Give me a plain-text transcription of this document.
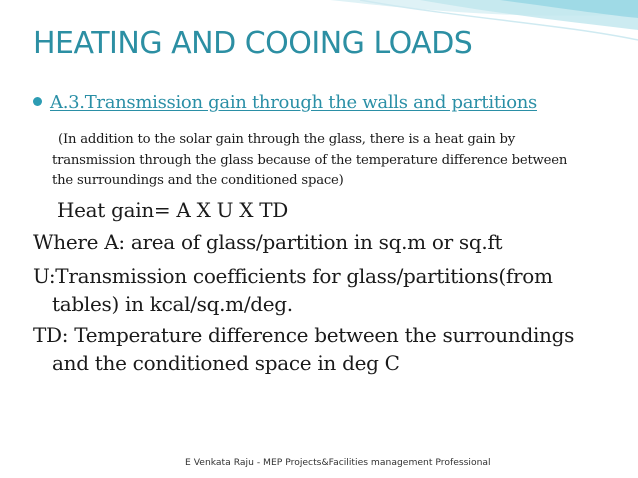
HEATING AND COOING LOADS
A.3.Transmission gain through the walls and partitions

(In addition to the solar gain through the glass, there is a heat gain by
transmission through the glass because of the temperature difference between
the surroundings and the conditioned space)

Heat gain= A X U X TD

Where A: area of glass/partition in sq.m or sq.ft

U:Transmission coefficients for glass/partitions(from

tables) in kcal/sq.m/deg.

TD: Temperature difference between the surroundings

and the conditioned space in deg C

E Venkata Raju - MEP Projects&Facilities management Professional
